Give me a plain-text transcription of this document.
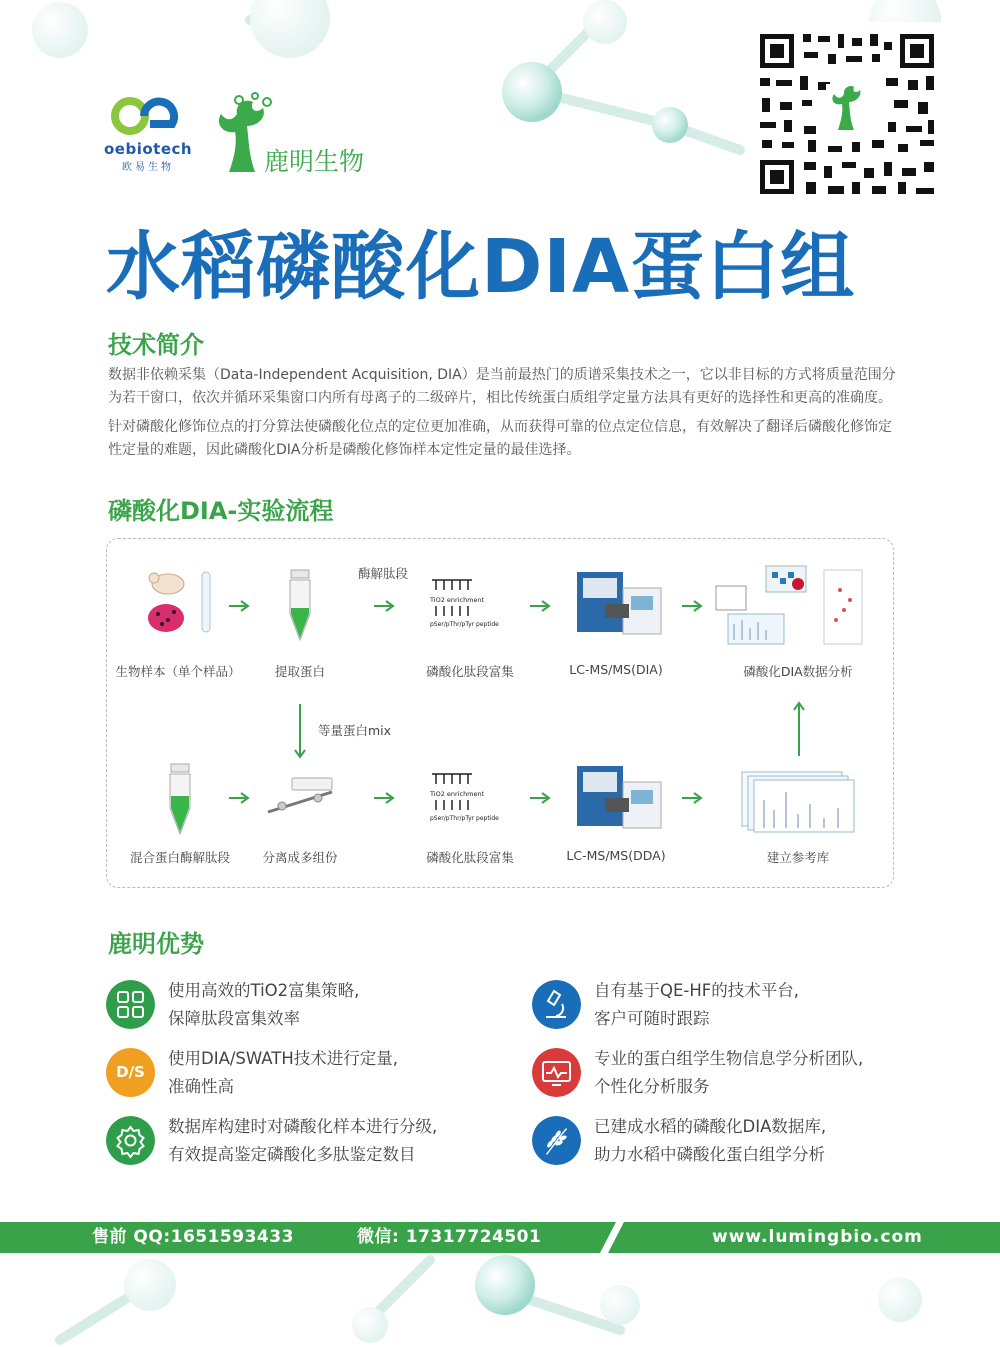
oebiotech
欧易生物	鹿明生物
水稻磷酸化DIA蛋白组
技术简介
数据非依赖采集（Data-Independent Acquisition, DIA）是当前最热门的质谱采集技术之一，它以非目标的方式将质量范围分为若干窗口，依次并循环采集窗口内所有母离子的二级碎片，相比传统蛋白质组学定量方法具有更好的选择性和更高的准确度。
针对磷酸化修饰位点的打分算法使磷酸化位点的定位更加准确，从而获得可靠的位点定位信息，有效解决了翻译后磷酸化修饰定性定量的难题，因此磷酸化DIA分析是磷酸化修饰样本定性定量的最佳选择。
磷酸化DIA-实验流程
TiO2 enrichment
pSer/pThr/pTyr peptide
酶解肽段
生物样本（单个样品）	提取蛋白	磷酸化肽段富集	LC-MS/MS(DIA)	磷酸化DIA数据分析
等量蛋白mix
TiO2 enrichment
pSer/pThr/pTyr peptide
混合蛋白酶解肽段	分离成多组份	磷酸化肽段富集	LC-MS/MS(DDA)	建立参考库
鹿明优势
使用高效的TiO2富集策略,
保障肽段富集效率
自有基于QE-HF的技术平台,
客户可随时跟踪
D/S
使用DIA/SWATH技术进行定量,
准确性高
专业的蛋白组学生物信息学分析团队,
个性化分析服务
数据库构建时对磷酸化样本进行分级,
有效提高鉴定磷酸化多肽鉴定数目
已建成水稻的磷酸化DIA数据库,
助力水稻中磷酸化蛋白组学分析
售前 QQ:1651593433	微信: 17317724501	www.lumingbio.com
